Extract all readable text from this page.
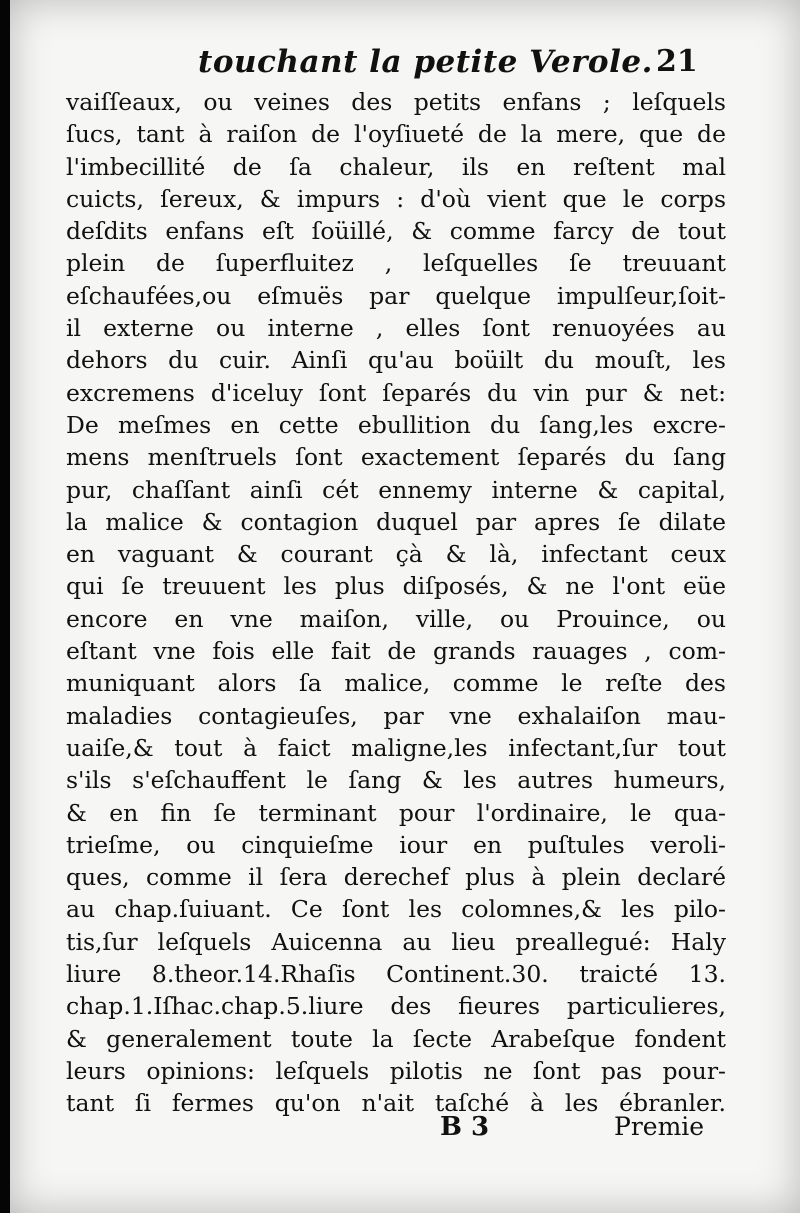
touchant la petite Verole. 21
vaiſſeaux, ou veines des petits enfans ; leſquels
ſucs, tant à raiſon de l'oyſiueté de la mere, que de
l'imbecillité de ſa chaleur, ils en reſtent mal
cuicts, ſereux, & impurs : d'où vient que le corps
deſdits enfans eſt ſoüillé, & comme farcy de tout
plein de ſuperfluitez , leſquelles ſe treuuant
eſchaufées,ou eſmuës par quelque impulſeur,ſoit-
il externe ou interne , elles ſont renuoyées au
dehors du cuir. Ainſi qu'au boüilt du mouſt, les
excremens d'iceluy ſont ſeparés du vin pur & net:
De meſmes en cette ebullition du ſang,les excre-
mens menſtruels ſont exactement ſeparés du ſang
pur, chaſſant ainſi cét ennemy interne & capital,
la malice & contagion duquel par apres ſe dilate
en vaguant & courant çà & là, infectant ceux
qui ſe treuuent les plus diſposés, & ne l'ont eüe
encore en vne maiſon, ville, ou Prouince, ou
eſtant vne fois elle fait de grands rauages , com-
muniquant alors ſa malice, comme le reſte des
maladies contagieuſes, par vne exhalaiſon mau-
uaiſe,& tout à faict maligne,les infectant,ſur tout
s'ils s'eſchauffent le ſang & les autres humeurs,
& en fin ſe terminant pour l'ordinaire, le qua-
trieſme, ou cinquieſme iour en puſtules veroli-
ques, comme il ſera derechef plus à plein declaré
au chap.ſuiuant. Ce ſont les colomnes,& les pilo-
tis,ſur leſquels Auicenna au lieu preallegué: Haly
liure 8.theor.14.Rhaſis Continent.30. traicté 13.
chap.1.Iſhac.chap.5.liure des fieures particulieres,
& generalement toute la ſecte Arabeſque fondent
leurs opinions: leſquels pilotis ne ſont pas pour-
tant ſi fermes qu'on n'ait taſché à les ébranler.
B 3	Premie
